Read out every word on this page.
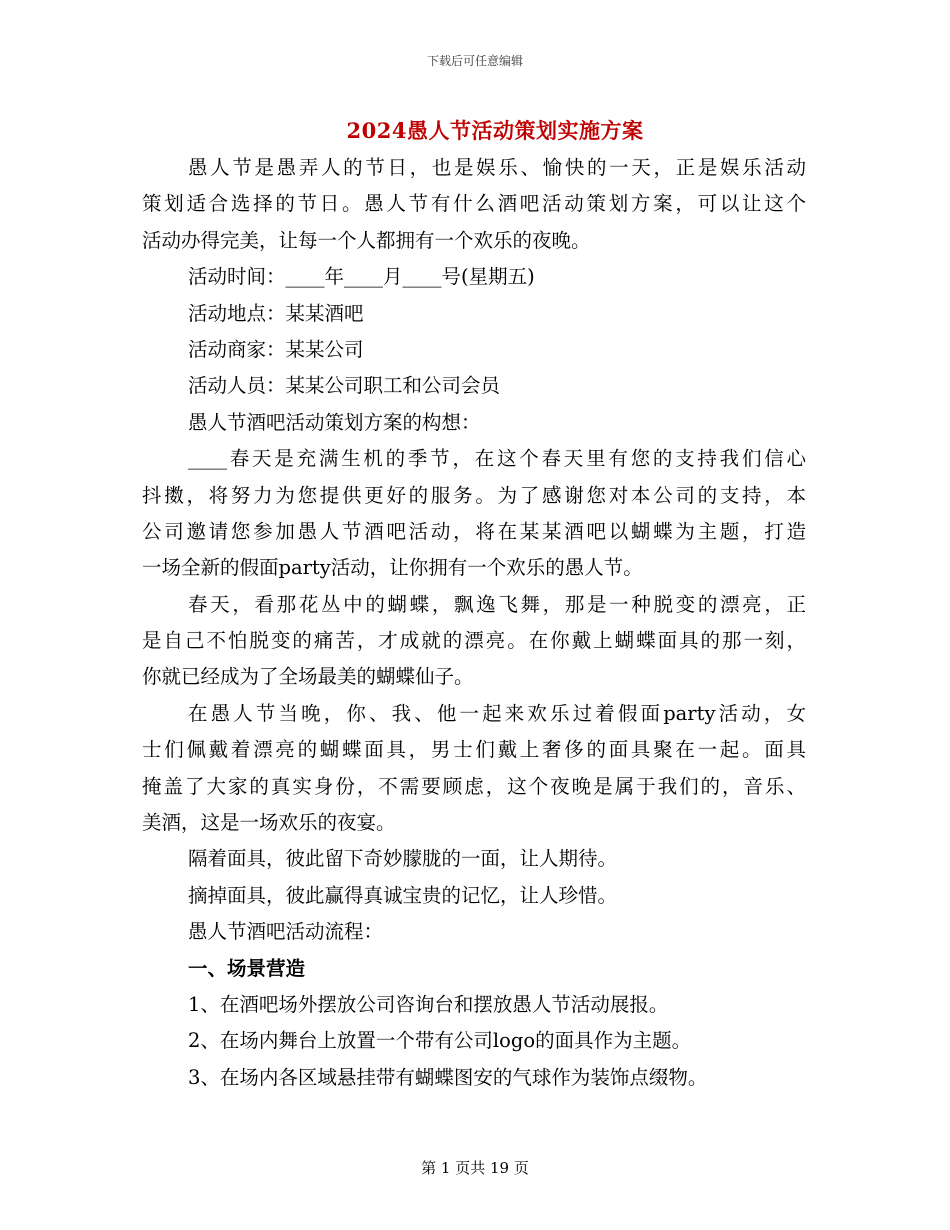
下载后可任意编辑
2024愚人节活动策划实施方案
愚人节是愚弄人的节日，也是娱乐、愉快的一天，正是娱乐活动
策划适合选择的节日。愚人节有什么酒吧活动策划方案，可以让这个
活动办得完美，让每一个人都拥有一个欢乐的夜晚。
活动时间：____年____月____号(星期五)
活动地点：某某酒吧
活动商家：某某公司
活动人员：某某公司职工和公司会员
愚人节酒吧活动策划方案的构想：
____春天是充满生机的季节，在这个春天里有您的支持我们信心
抖擞，将努力为您提供更好的服务。为了感谢您对本公司的支持，本
公司邀请您参加愚人节酒吧活动，将在某某酒吧以蝴蝶为主题，打造
一场全新的假面party活动，让你拥有一个欢乐的愚人节。
春天，看那花丛中的蝴蝶，飘逸飞舞，那是一种脱变的漂亮，正
是自己不怕脱变的痛苦，才成就的漂亮。在你戴上蝴蝶面具的那一刻，
你就已经成为了全场最美的蝴蝶仙子。
在愚人节当晚，你、我、他一起来欢乐过着假面party活动，女
士们佩戴着漂亮的蝴蝶面具，男士们戴上奢侈的面具聚在一起。面具
掩盖了大家的真实身份，不需要顾虑，这个夜晚是属于我们的，音乐、
美酒，这是一场欢乐的夜宴。
隔着面具，彼此留下奇妙朦胧的一面，让人期待。
摘掉面具，彼此赢得真诚宝贵的记忆，让人珍惜。
愚人节酒吧活动流程：
一、场景营造
1、在酒吧场外摆放公司咨询台和摆放愚人节活动展报。
2、在场内舞台上放置一个带有公司logo的面具作为主题。
3、在场内各区域悬挂带有蝴蝶图安的气球作为装饰点缀物。
第 1 页共 19 页
